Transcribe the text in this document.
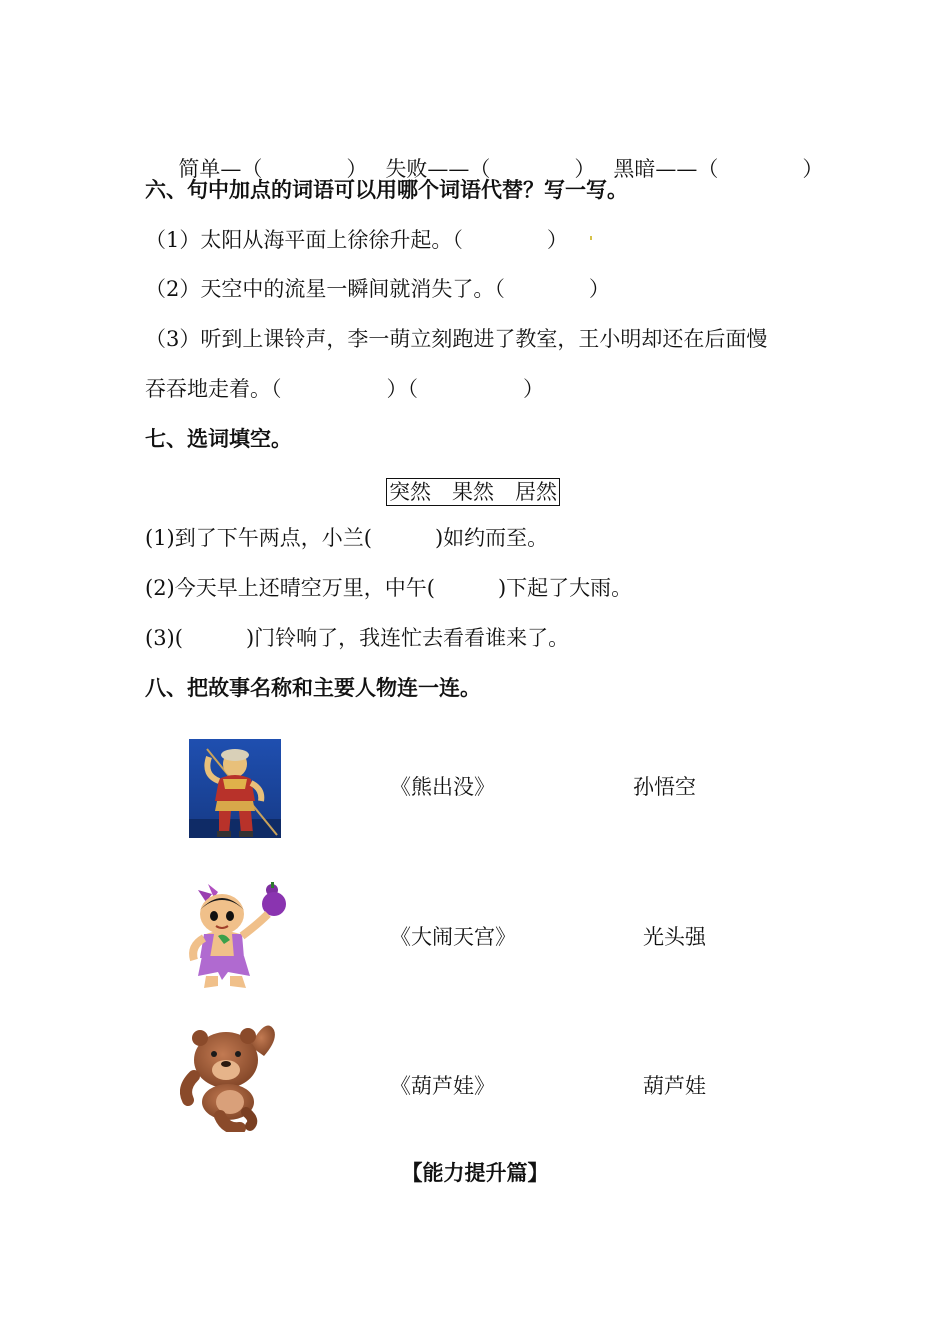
简单—（　　　　） 失败——（　　　　） 黑暗——（　　　　）

六、句中加点的词语可以用哪个词语代替？写一写。
（1）太阳从海平面上徐徐升起。（　　　　）
（2）天空中的流星一瞬间就消失了。（　　　　）
（3）听到上课铃声，李一萌立刻跑进了教室，王小明却还在后面慢
吞吞地走着。（　　　　　）（　　　　　）
七、选词填空。
突然　果然　居然
(1)到了下午两点，小兰(　　　)如约而至。
(2)今天早上还晴空万里，中午(　　　)下起了大雨。
(3)(　　　)门铃响了，我连忙去看看谁来了。
八、把故事名称和主要人物连一连。
《熊出没》	孙悟空
《大闹天宫》	光头强
《葫芦娃》	葫芦娃
【能力提升篇】
